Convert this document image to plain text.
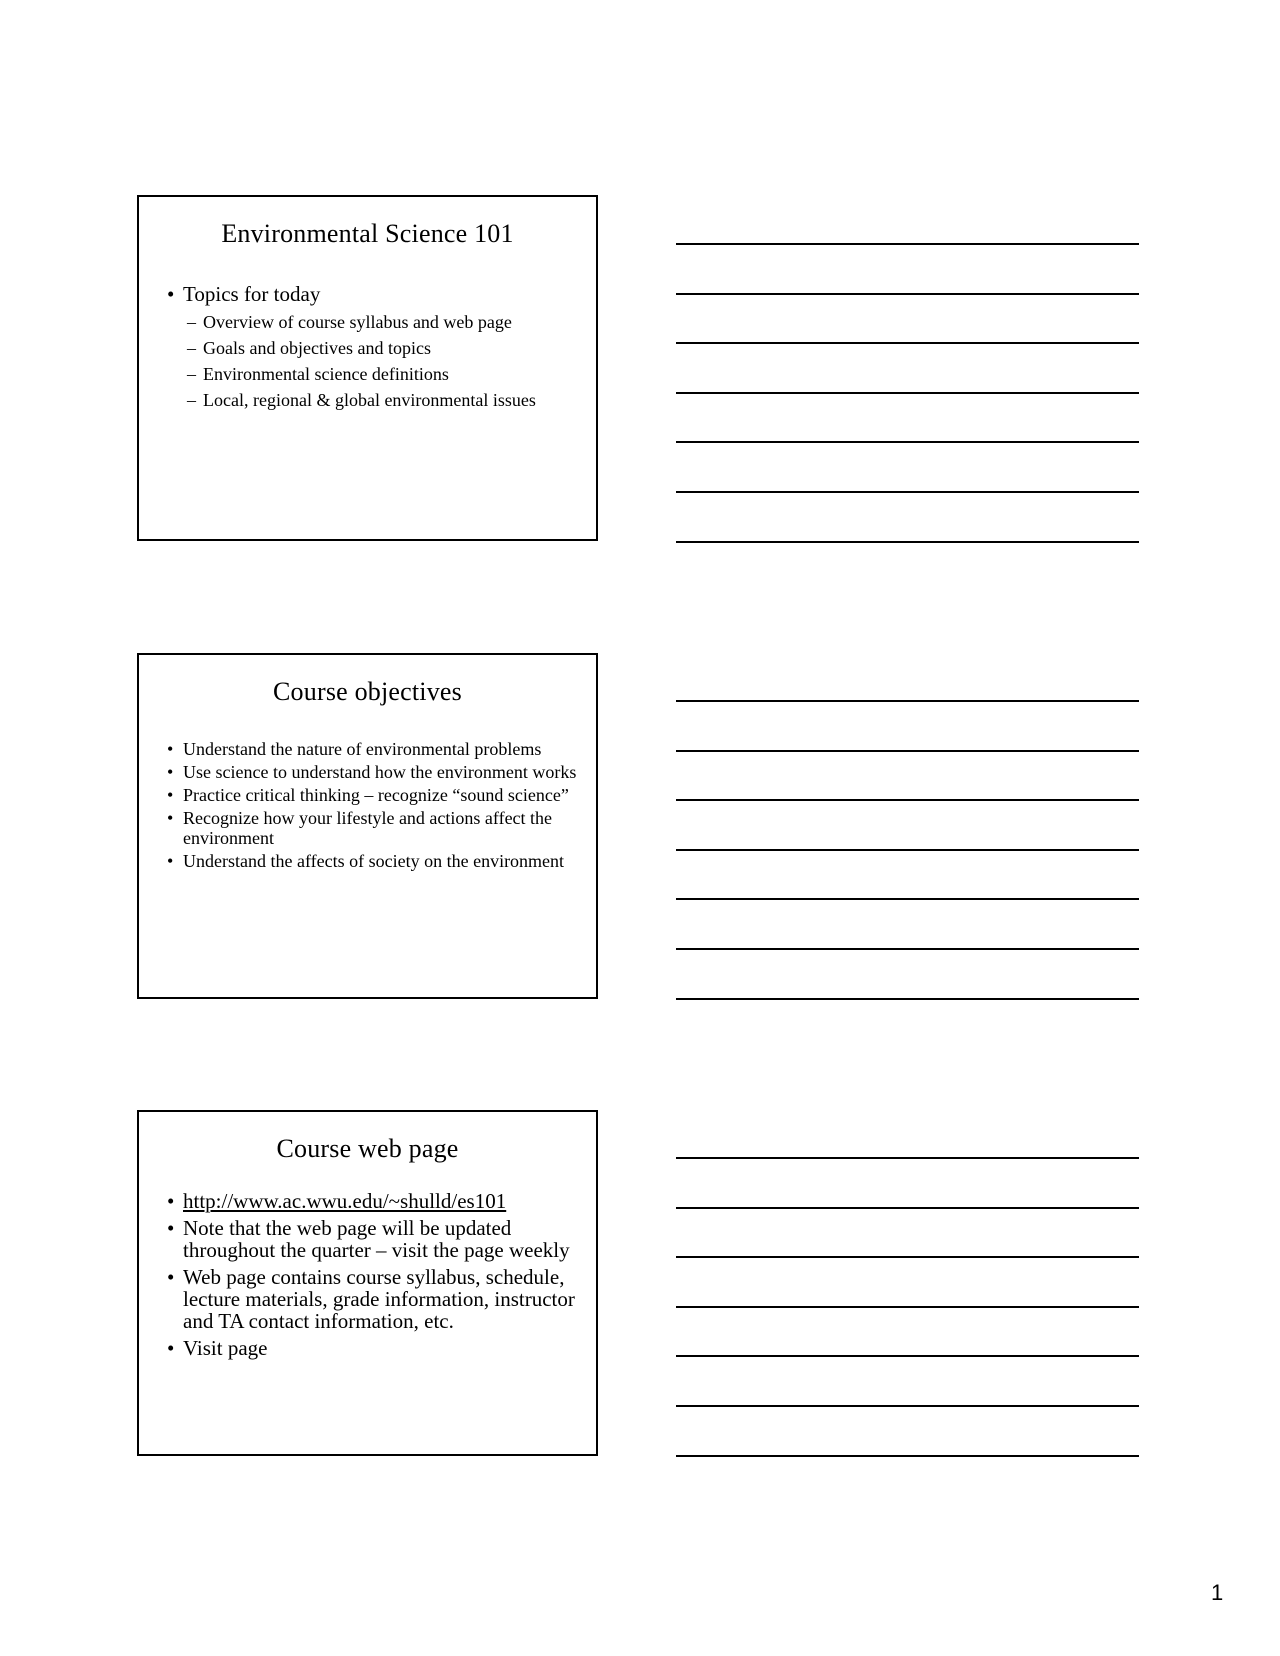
Environmental Science 101
• Topics for today
– Overview of course syllabus and web page
– Goals and objectives and topics
– Environmental science definitions
– Local, regional & global environmental issues
Course objectives
• Understand the nature of environmental problems
• Use science to understand how the environment works
• Practice critical thinking – recognize “sound science”
• Recognize how your lifestyle and actions affect the environment
• Understand the affects of society on the environment
Course web page
• http://www.ac.wwu.edu/~shulld/es101
• Note that the web page will be updated throughout the quarter – visit the page weekly
• Web page contains course syllabus, schedule, lecture materials, grade information, instructor and TA contact information, etc.
• Visit page
1
